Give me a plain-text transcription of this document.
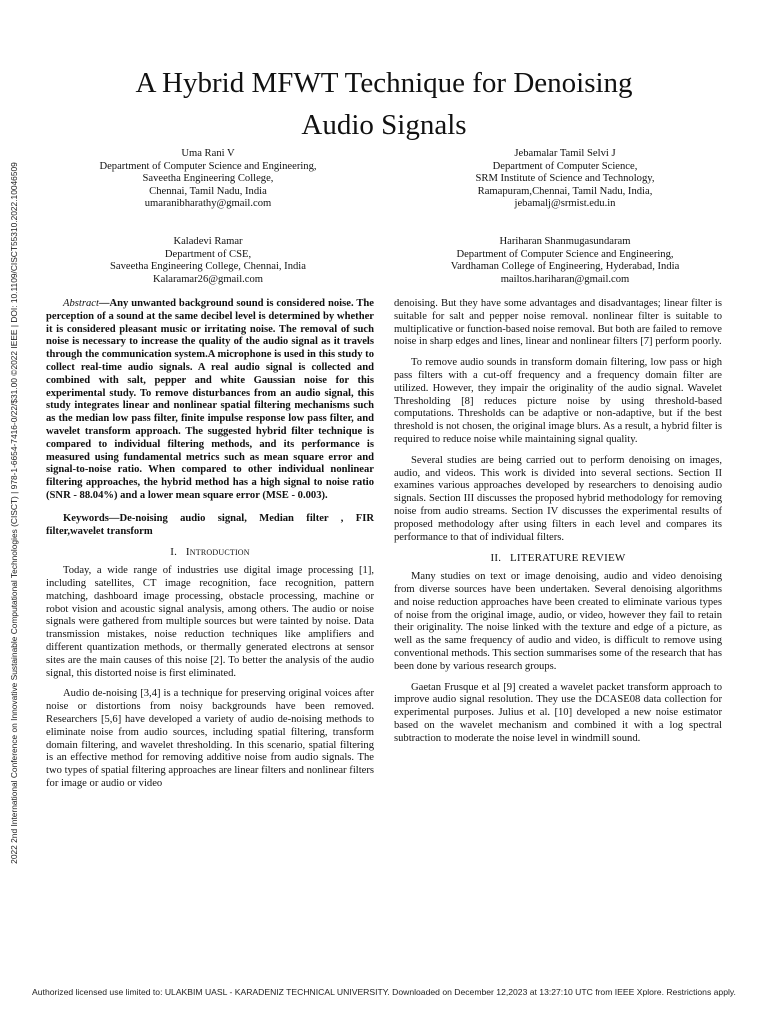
2022 2nd International Conference on Innovative Sustainable Computational Technologies (CISCT) | 978-1-6654-7416-0/22/$31.00 ©2022 IEEE | DOI: 10.1109/CISCT55310.2022.10046509
A Hybrid MFWT Technique for Denoising
Audio Signals
Uma Rani V
Department of Computer Science and Engineering,
Saveetha Engineering College,
Chennai, Tamil Nadu, India
umaranibharathy@gmail.com
Jebamalar Tamil Selvi J
Department of Computer Science,
SRM Institute of Science and Technology,
Ramapuram,Chennai, Tamil Nadu, India,
jebamalj@srmist.edu.in
Kaladevi Ramar
Department of CSE,
Saveetha Engineering College, Chennai, India
Kalaramar26@gmail.com
Hariharan Shanmugasundaram
Department of Computer Science and Engineering,
Vardhaman College of Engineering, Hyderabad, India
mailtos.hariharan@gmail.com

Abstract—Any unwanted background sound is considered noise. The perception of a sound at the same decibel level is determined by whether it is considered pleasant music or irritating noise. The removal of such noise is necessary to increase the quality of the audio signal as it travels through the communication system.A microphone is used in this study to collect real-time audio signals. A real audio signal is collected and combined with salt, pepper and white Gaussian noise for this experimental study. To remove disturbances from an audio signal, this study integrates linear and nonlinear spatial filtering mechanisms such as the median low pass filter, finite impulse response low pass filter, and wavelet transform approach. The suggested hybrid filter technique is compared to individual filtering methods, and its performance is measured using fundamental metrics such as mean square error and signal-to-noise ratio. When compared to other individual nonlinear filtering approaches, the hybrid method has a high signal to noise ratio (SNR - 88.04%) and a lower mean square error (MSE - 0.003).

Keywords—De-noising audio signal, Median filter , FIR filter,wavelet transform

I. Introduction

Today, a wide range of industries use digital image processing [1], including satellites, CT image recognition, face recognition, pattern matching, dashboard image processing, obstacle processing, machine or robot vision and acoustic signal analysis, among others. The audio or noise signals were gathered from multiple sources but were tainted by noise. Data transmission mistakes, noise reduction techniques like amplifiers and different quantization methods, or thermally generated electrons at sensor sites are the main causes of this noise [2]. To better the analysis of the audio signal, this distorted noise is first eliminated.

Audio de-noising [3,4] is a technique for preserving original voices after noise or distortions from noisy backgrounds have been removed. Researchers [5,6] have developed a variety of audio de-noising methods to eliminate noise from audio sources, including spatial filtering, transform domain filtering, and wavelet thresholding. In this scenario, spatial filtering is an effective method for removing additive noise from audio signals. The two types of spatial filtering approaches are linear filters and nonlinear filters for image or audio or video

denoising. But they have some advantages and disadvantages; linear filter is suitable for salt and pepper noise removal. nonlinear filter is suitable to multiplicative or function-based noise removal. But both are failed to remove noise in sharp edges and lines, linear and nonlinear filters [7] perform poorly.

To remove audio sounds in transform domain filtering, low pass or high pass filters with a cut-off frequency and a frequency domain filter are utilized. However, they impair the originality of the audio signal. Wavelet Thresholding [8] reduces picture noise by using threshold-based computations. Thresholds can be adaptive or non-adaptive, but if the best threshold is not chosen, the original image blurs. As a result, a hybrid filter is required to reduce noise while maintaining signal quality.

Several studies are being carried out to perform denoising on images, audio, and videos. This work is divided into several sections. Section II examines various approaches developed by researchers to denoising audio signals. Section III discusses the proposed hybrid methodology for removing noise from audio streams. Section IV discusses the experimental results of proposed methodology after using filters in each level and compares its performance to that of individual filters.

II.   LITERATURE REVIEW

Many studies on text or image denoising, audio and video denoising from diverse sources have been undertaken. Several denoising algorithms and noise reduction approaches have been created to eliminate various types of noise from the original image, audio, or video, however they fail to retain their originality. The noise linked with the texture and edge of a picture, as well as the same frequency of audio and video, is difficult to remove using conventional methods. This section summarises some of the research that has been done by various research groups.

Gaetan Frusque et al [9] created a wavelet packet transform approach to improve audio signal resolution. They use the DCASE08 data collection for experimental purposes. Julius et al. [10] developed a new noise estimator based on the wavelet mechanism and combined it with a log spectral subtraction to moderate the noise level in windmill sound.

Authorized licensed use limited to: ULAKBIM UASL - KARADENIZ TECHNICAL UNIVERSITY. Downloaded on December 12,2023 at 13:27:10 UTC from IEEE Xplore. Restrictions apply.
